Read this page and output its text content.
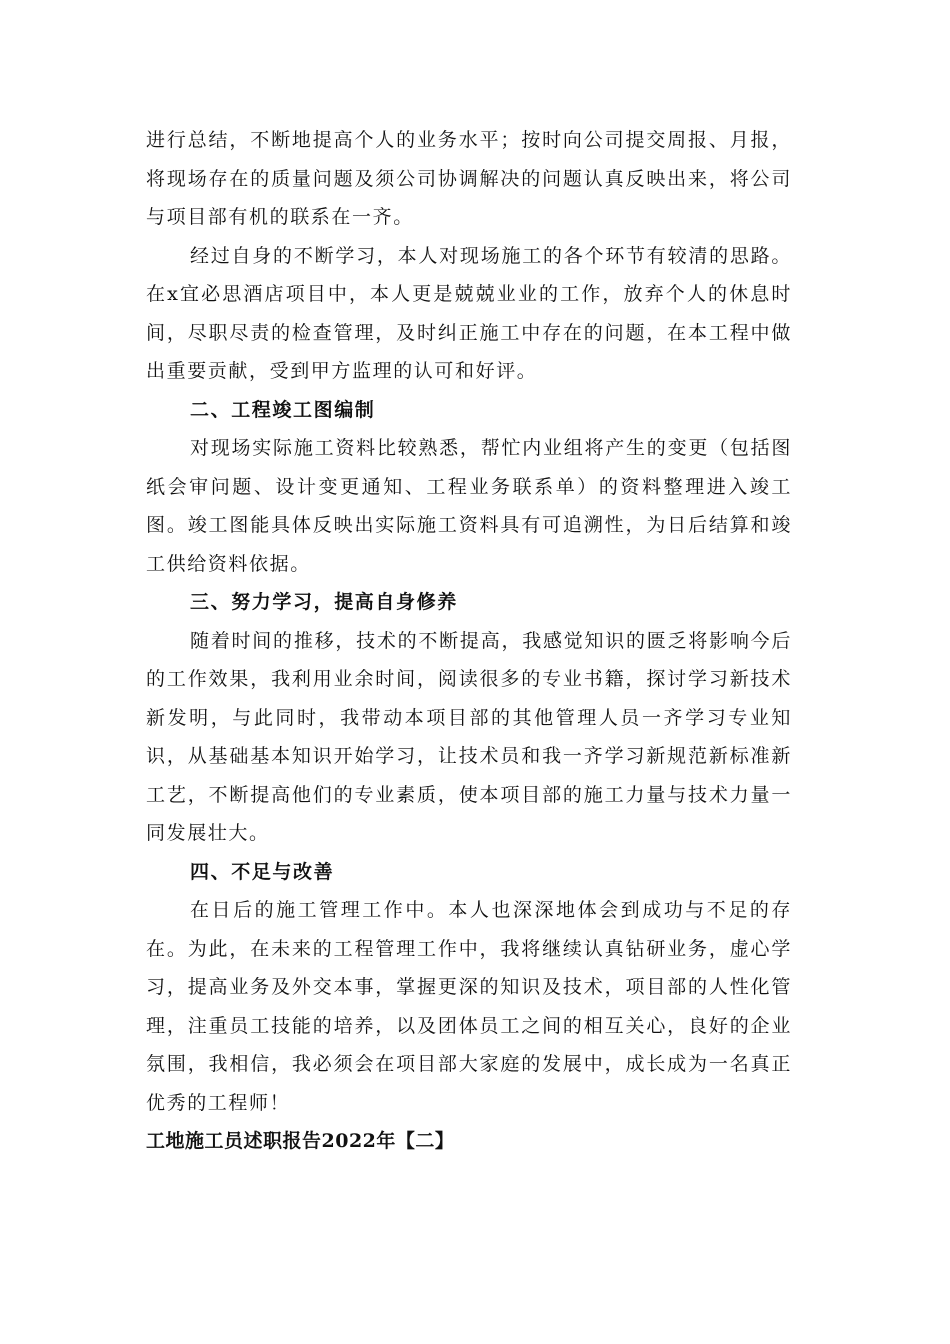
进行总结，不断地提高个人的业务水平；按时向公司提交周报、月报，将现场存在的质量问题及须公司协调解决的问题认真反映出来，将公司与项目部有机的联系在一齐。

经过自身的不断学习，本人对现场施工的各个环节有较清的思路。在x宜必思酒店项目中，本人更是兢兢业业的工作，放弃个人的休息时间，尽职尽责的检查管理，及时纠正施工中存在的问题，在本工程中做出重要贡献，受到甲方监理的认可和好评。

二、工程竣工图编制

对现场实际施工资料比较熟悉，帮忙内业组将产生的变更（包括图纸会审问题、设计变更通知、工程业务联系单）的资料整理进入竣工图。竣工图能具体反映出实际施工资料具有可追溯性，为日后结算和竣工供给资料依据。

三、努力学习，提高自身修养

随着时间的推移，技术的不断提高，我感觉知识的匮乏将影响今后的工作效果，我利用业余时间，阅读很多的专业书籍，探讨学习新技术新发明，与此同时，我带动本项目部的其他管理人员一齐学习专业知识，从基础基本知识开始学习，让技术员和我一齐学习新规范新标准新工艺，不断提高他们的专业素质，使本项目部的施工力量与技术力量一同发展壮大。

四、不足与改善

在日后的施工管理工作中。本人也深深地体会到成功与不足的存在。为此，在未来的工程管理工作中，我将继续认真钻研业务，虚心学习，提高业务及外交本事，掌握更深的知识及技术，项目部的人性化管理，注重员工技能的培养，以及团体员工之间的相互关心，良好的企业氛围，我相信，我必须会在项目部大家庭的发展中，成长成为一名真正优秀的工程师！

工地施工员述职报告2022年【二】
